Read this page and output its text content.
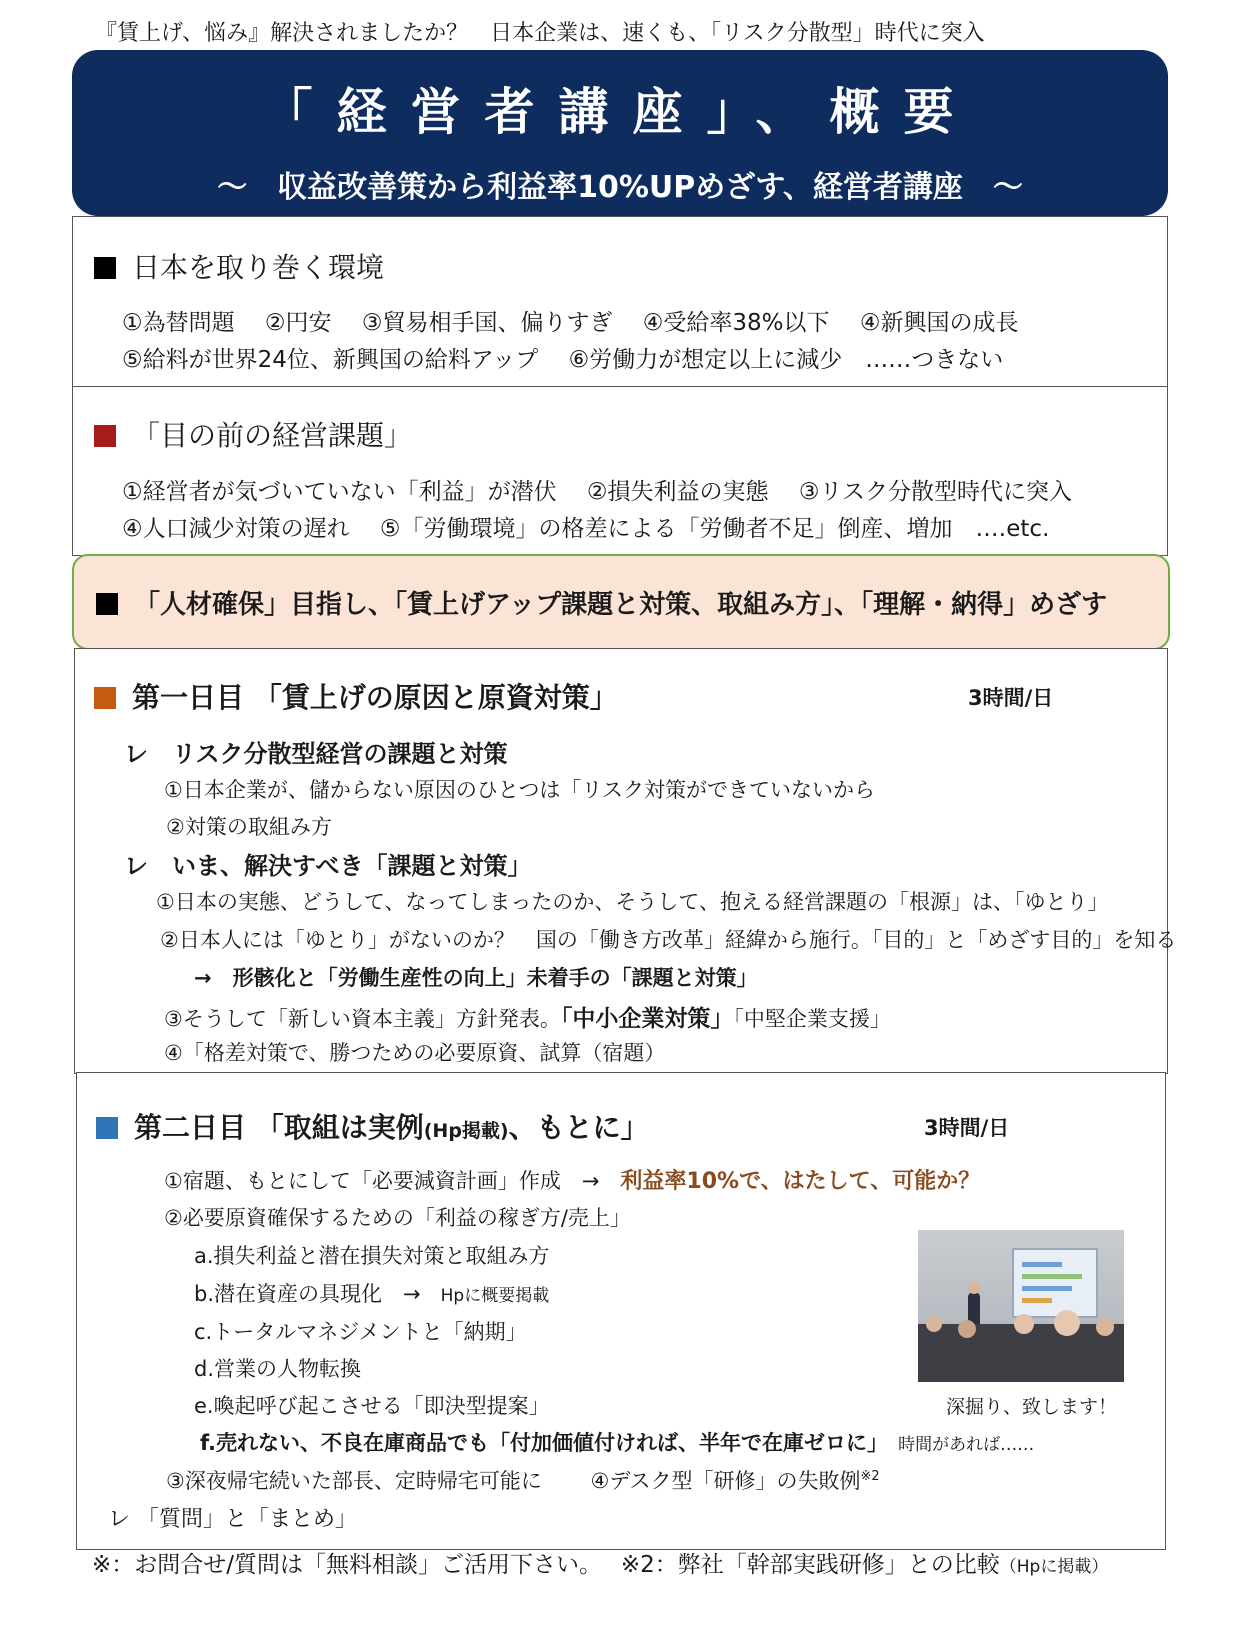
『賃上げ、悩み』解決されましたか？　日本企業は、速くも、「リスク分散型」時代に突入
「経営者講座」、概要
～　収益改善策から利益率10%UPめざす、経営者講座　～
日本を取り巻く環境
①為替問題　 ②円安　 ③貿易相手国、偏りすぎ　 ④受給率38%以下　 ④新興国の成長
⑤給料が世界24位、新興国の給料アップ　 ⑥労働力が想定以上に減少　‥‥‥つきない
「目の前の経営課題」
①経営者が気づいていない「利益」が潜伏　 ②損失利益の実態　 ③リスク分散型時代に突入
④人口減少対策の遅れ　 ⑤「労働環境」の格差による「労働者不足」倒産、増加　‥‥etc.
「人材確保」目指し、「賃上げアップ課題と対策、取組み方」、「理解・納得」めざす
第一日目 「賃上げの原因と原資対策」	3時間/日
レ　リスク分散型経営の課題と対策
①日本企業が、儲からない原因のひとつは「リスク対策ができていないから
②対策の取組み方
レ　いま、解決すべき「課題と対策」
①日本の実態、どうして、なってしまったのか、そうして、抱える経営課題の「根源」は、「ゆとり」
②日本人には「ゆとり」がないのか？　国の「働き方改革」経緯から施行。「目的」と「めざす目的」を知る
→　形骸化と「労働生産性の向上」未着手の「課題と対策」
③そうして「新しい資本主義」方針発表。「中小企業対策」「中堅企業支援」
④「格差対策で、勝つための必要原資、試算（宿題）
第二日目 「取組は実例(Hp掲載)、もとに」	3時間/日
①宿題、もとにして「必要減資計画」作成　→　利益率10%で、はたして、可能か？
②必要原資確保するための「利益の稼ぎ方/売上」
a.損失利益と潜在損失対策と取組み方
b.潜在資産の具現化　→ Hpに概要掲載
c.トータルマネジメントと「納期」
d.営業の人物転換
e.喚起呼び起こさせる「即決型提案」
f.売れない、不良在庫商品でも「付加価値付ければ、半年で在庫ゼロに」 時間があれば‥‥‥
③深夜帰宅続いた部長、定時帰宅可能に　　 ④デスク型「研修」の失敗例$^{※2}$
レ 「質問」と「まとめ」
深掘り、致します！
※：お問合せ/質問は「無料相談」ご活用下さい。　 ※2：弊社「幹部実践研修」との比較（Hpに掲載）
